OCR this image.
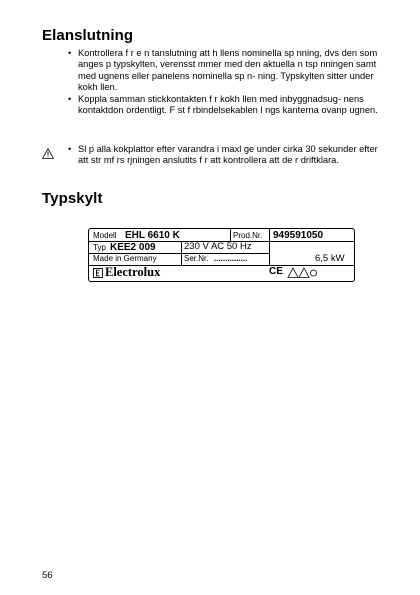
Elanslutning
• Kontrollera f r e n tanslutning att h llens nominella sp nning, dvs den som anges p typskylten, verensst mmer med den aktuella n tsp nningen samt med ugnens eller panelens nominella sp n- ning. Typskylten sitter under kokh llen.
• Koppla samman stickkontakten f r kokh llen med inbyggnadsug- nens kontaktdon ordentligt. F st f rbindelsekablen l ngs kanterna ovanp ugnen.
• Sl p alla kokplattor efter varandra i maxl ge under cirka 30 sekunder efter att str mf rs rjningen anslutits f r att kontrollera att de r driftklara.
Typskylt
Modell EHL 6610 K	Prod.Nr. 949591050
Typ KEE2 009	230 V AC 50 Hz
Made in Germany	Ser.Nr. ...............	6,5 kW
Electrolux	CE
56
